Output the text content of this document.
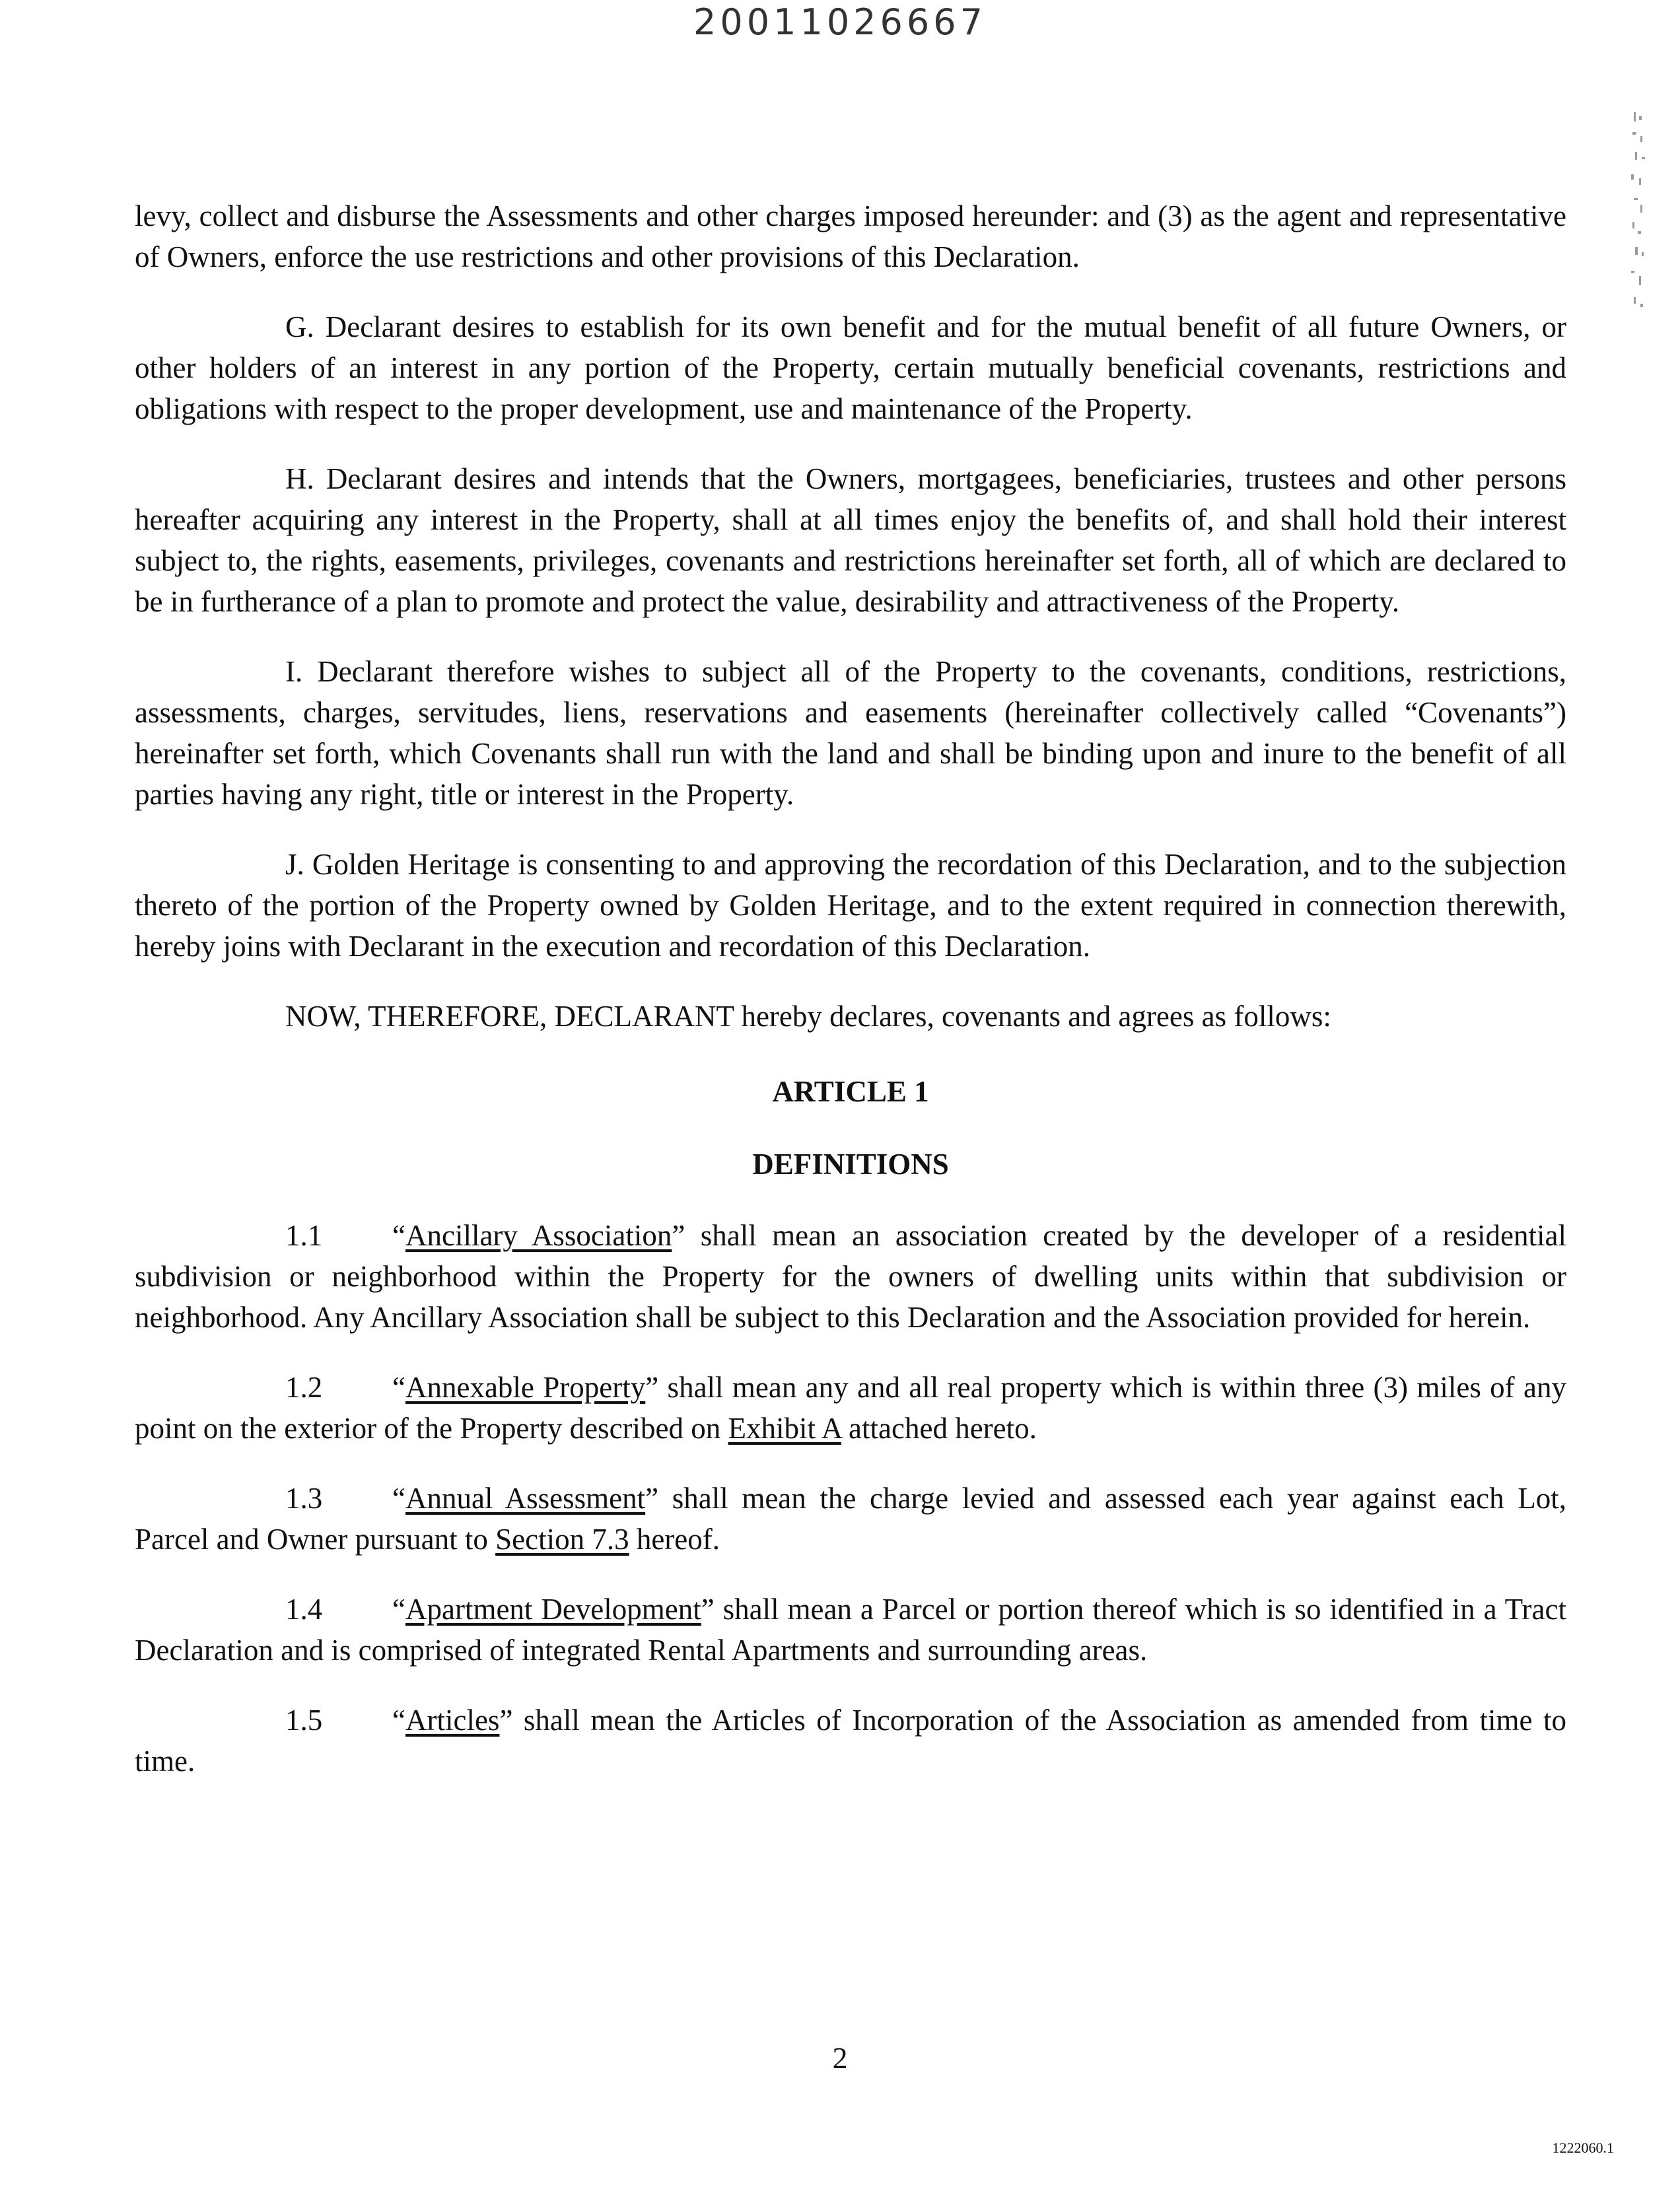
20011026667

levy, collect and disburse the Assessments and other charges imposed hereunder: and (3) as the agent and representative of Owners, enforce the use restrictions and other provisions of this Declaration.

G. Declarant desires to establish for its own benefit and for the mutual benefit of all future Owners, or other holders of an interest in any portion of the Property, certain mutually beneficial covenants, restrictions and obligations with respect to the proper development, use and maintenance of the Property.

H. Declarant desires and intends that the Owners, mortgagees, beneficiaries, trustees and other persons hereafter acquiring any interest in the Property, shall at all times enjoy the benefits of, and shall hold their interest subject to, the rights, easements, privileges, covenants and restrictions hereinafter set forth, all of which are declared to be in furtherance of a plan to promote and protect the value, desirability and attractiveness of the Property.

I. Declarant therefore wishes to subject all of the Property to the covenants, conditions, restrictions, assessments, charges, servitudes, liens, reservations and easements (hereinafter collectively called “Covenants”) hereinafter set forth, which Covenants shall run with the land and shall be binding upon and inure to the benefit of all parties having any right, title or interest in the Property.

J. Golden Heritage is consenting to and approving the recordation of this Declaration, and to the subjection thereto of the portion of the Property owned by Golden Heritage, and to the extent required in connection therewith, hereby joins with Declarant in the execution and recordation of this Declaration.

NOW, THEREFORE, DECLARANT hereby declares, covenants and agrees as follows:

ARTICLE 1

DEFINITIONS

1.1 “Ancillary Association” shall mean an association created by the developer of a residential subdivision or neighborhood within the Property for the owners of dwelling units within that subdivision or neighborhood. Any Ancillary Association shall be subject to this Declaration and the Association provided for herein.

1.2 “Annexable Property” shall mean any and all real property which is within three (3) miles of any point on the exterior of the Property described on Exhibit A attached hereto.

1.3 “Annual Assessment” shall mean the charge levied and assessed each year against each Lot, Parcel and Owner pursuant to Section 7.3 hereof.

1.4 “Apartment Development” shall mean a Parcel or portion thereof which is so identified in a Tract Declaration and is comprised of integrated Rental Apartments and surrounding areas.

1.5 “Articles” shall mean the Articles of Incorporation of the Association as amended from time to time.

2
1222060.1
